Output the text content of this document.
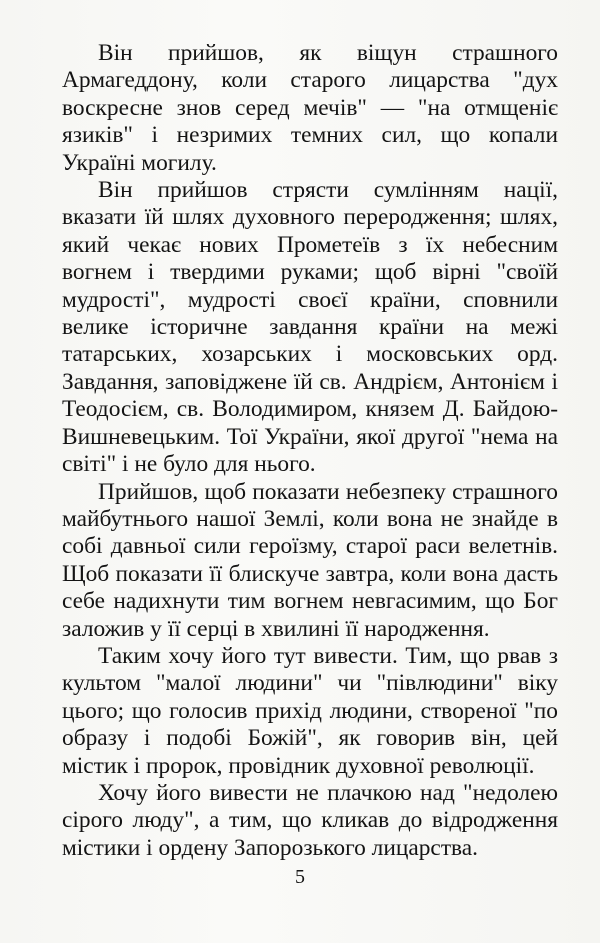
Він прийшов, як віщун страшного Армагеддону, коли старого лицарства "дух воскресне знов серед мечів" — "на отмщеніє язиків" і незримих темних сил, що копали Україні могилу.

Він прийшов стрясти сумлінням нації, вказати їй шлях духовного переродження; шлях, який чекає нових Прометеїв з їх небесним вогнем і твердими руками; щоб вірні "своїй мудрості", мудрості своєї країни, сповнили велике історичне завдання країни на межі татарських, хозарських і московських орд. Завдання, заповіджене їй св. Андрієм, Антонієм і Теодосієм, св. Володимиром, князем Д. Байдою-Вишневецьким. Тої України, якої другої "нема на світі" і не було для нього.

Прийшов, щоб показати небезпеку страшного майбутнього нашої Землі, коли вона не знайде в собі давньої сили героїзму, старої раси велетнів. Щоб показати її блискуче завтра, коли вона дасть себе надихнути тим вогнем невгасимим, що Бог заложив у її серці в хвилині її народження.

Таким хочу його тут вивести. Тим, що рвав з культом "малої людини" чи "півлюдини" віку цього; що голосив прихід людини, створеної "по образу і подобі Божій", як говорив він, цей містик і пророк, провідник духовної революції.

Хочу його вивести не плачкою над "недолею сірого люду", а тим, що кликав до відродження містики і ордену Запорозького лицарства.

5
